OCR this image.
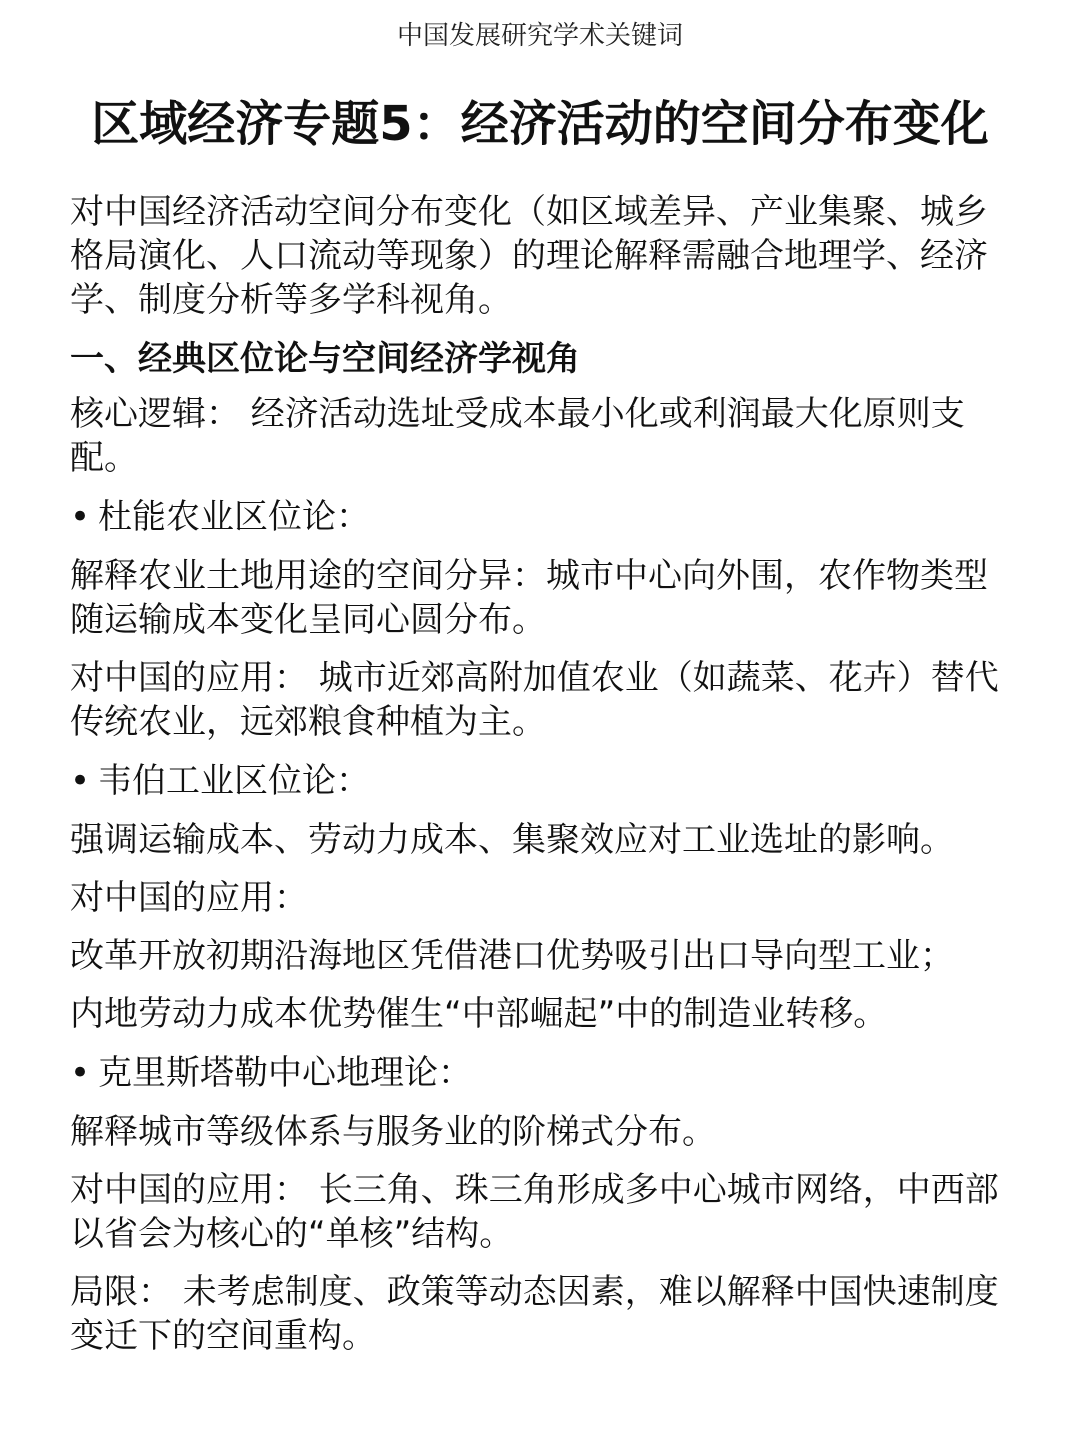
中国发展研究学术关键词
区域经济专题5：经济活动的空间分布变化
对中国经济活动空间分布变化（如区域差异、产业集聚、城乡格局演化、人口流动等现象）的理论解释需融合地理学、经济学、制度分析等多学科视角。
一、经典区位论与空间经济学视角
核心逻辑： 经济活动选址受成本最小化或利润最大化原则支配。
• 杜能农业区位论：
解释农业土地用途的空间分异：城市中心向外围，农作物类型随运输成本变化呈同心圆分布。
对中国的应用： 城市近郊高附加值农业（如蔬菜、花卉）替代传统农业，远郊粮食种植为主。
• 韦伯工业区位论：
强调运输成本、劳动力成本、集聚效应对工业选址的影响。
对中国的应用：
改革开放初期沿海地区凭借港口优势吸引出口导向型工业；
内地劳动力成本优势催生“中部崛起”中的制造业转移。
• 克里斯塔勒中心地理论：
解释城市等级体系与服务业的阶梯式分布。
对中国的应用： 长三角、珠三角形成多中心城市网络，中西部以省会为核心的“单核”结构。
局限： 未考虑制度、政策等动态因素，难以解释中国快速制度变迁下的空间重构。
